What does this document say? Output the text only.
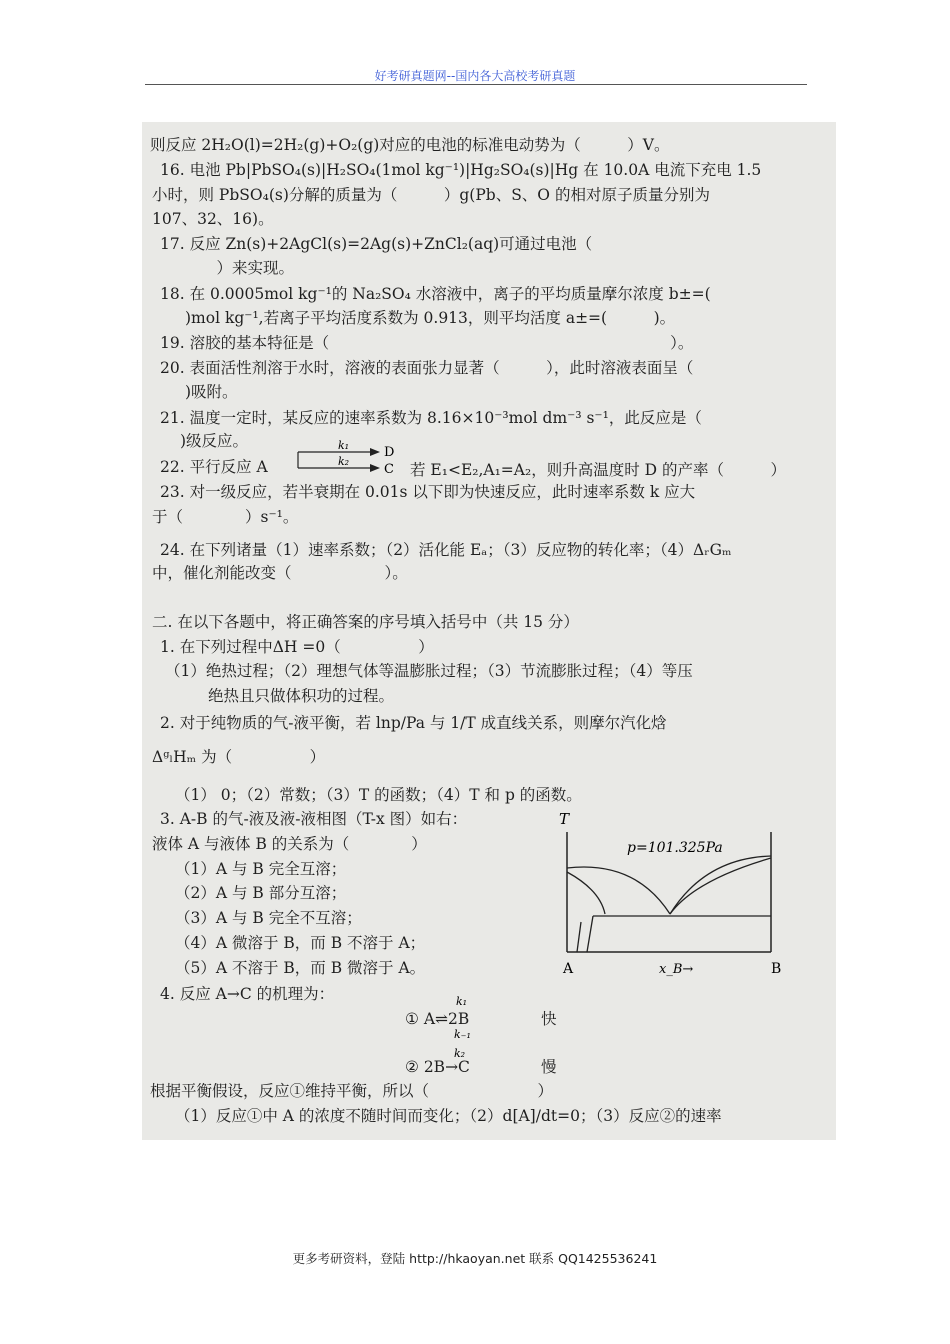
好考研真题网--国内各大高校考研真题
则反应 2H₂O(l)=2H₂(g)+O₂(g)对应的电池的标准电动势为（　　　）V。
16. 电池 Pb|PbSO₄(s)|H₂SO₄(1mol kg⁻¹)|Hg₂SO₄(s)|Hg 在 10.0A 电流下充电 1.5
小时，则 PbSO₄(s)分解的质量为（　　　）g(Pb、S、O 的相对原子质量分别为
107、32、16)。
17. 反应 Zn(s)+2AgCl(s)=2Ag(s)+ZnCl₂(aq)可通过电池（
　　　）来实现。
18. 在 0.0005mol kg⁻¹的 Na₂SO₄ 水溶液中，离子的平均质量摩尔浓度 b±=(
)mol kg⁻¹,若离子平均活度系数为 0.913，则平均活度 a±=(　　　)。
19. 溶胶的基本特征是（　　　　　　　　　　　　　　　　　　　　　　）。
20. 表面活性剂溶于水时，溶液的表面张力显著（　　　），此时溶液表面呈（
)吸附。
21. 温度一定时，某反应的速率系数为 8.16×10⁻³mol dm⁻³ s⁻¹，此反应是（
)级反应。
22. 平行反应 A
k₁
k₂
D
C 若 E₁<E₂,A₁=A₂，则升高温度时 D 的产率（　　　）
23. 对一级反应，若半衰期在 0.01s 以下即为快速反应，此时速率系数 k 应大
于（　　　　）s⁻¹。
24. 在下列诸量（1）速率系数；（2）活化能 Eₐ；（3）反应物的转化率；（4）ΔᵣGₘ
中，催化剂能改变（　　　　　　）。
二. 在以下各题中，将正确答案的序号填入括号中（共 15 分）
1. 在下列过程中ΔH =0（　　　　　）
（1）绝热过程；（2）理想气体等温膨胀过程；（3）节流膨胀过程；（4）等压
绝热且只做体积功的过程。
2. 对于纯物质的气-液平衡，若 lnp/Pa 与 1/T 成直线关系，则摩尔汽化焓
ΔᵍₗHₘ 为（　　　　　）
（1） 0；（2）常数；（3）T 的函数；（4）T 和 p 的函数。
3. A-B 的气-液及液-液相图（T-x 图）如右：
液体 A 与液体 B 的关系为（　　　　）
（1）A 与 B 完全互溶；
（2）A 与 B 部分互溶；
（3）A 与 B 完全不互溶；
（4）A 微溶于 B，而 B 不溶于 A；
（5）A 不溶于 B，而 B 微溶于 A。
T
p=101.325Pa
A	x_B→	B
4. 反应 A→C 的机理为：
① A⇌2B
k₁
k₋₁
快
② 2B→C
k₂
慢
根据平衡假设，反应①维持平衡，所以（　　　　　　　）
（1）反应①中 A 的浓度不随时间而变化；（2）d[A]/dt=0；（3）反应②的速率
更多考研资料，登陆 http://hkaoyan.net 联系 QQ1425536241
